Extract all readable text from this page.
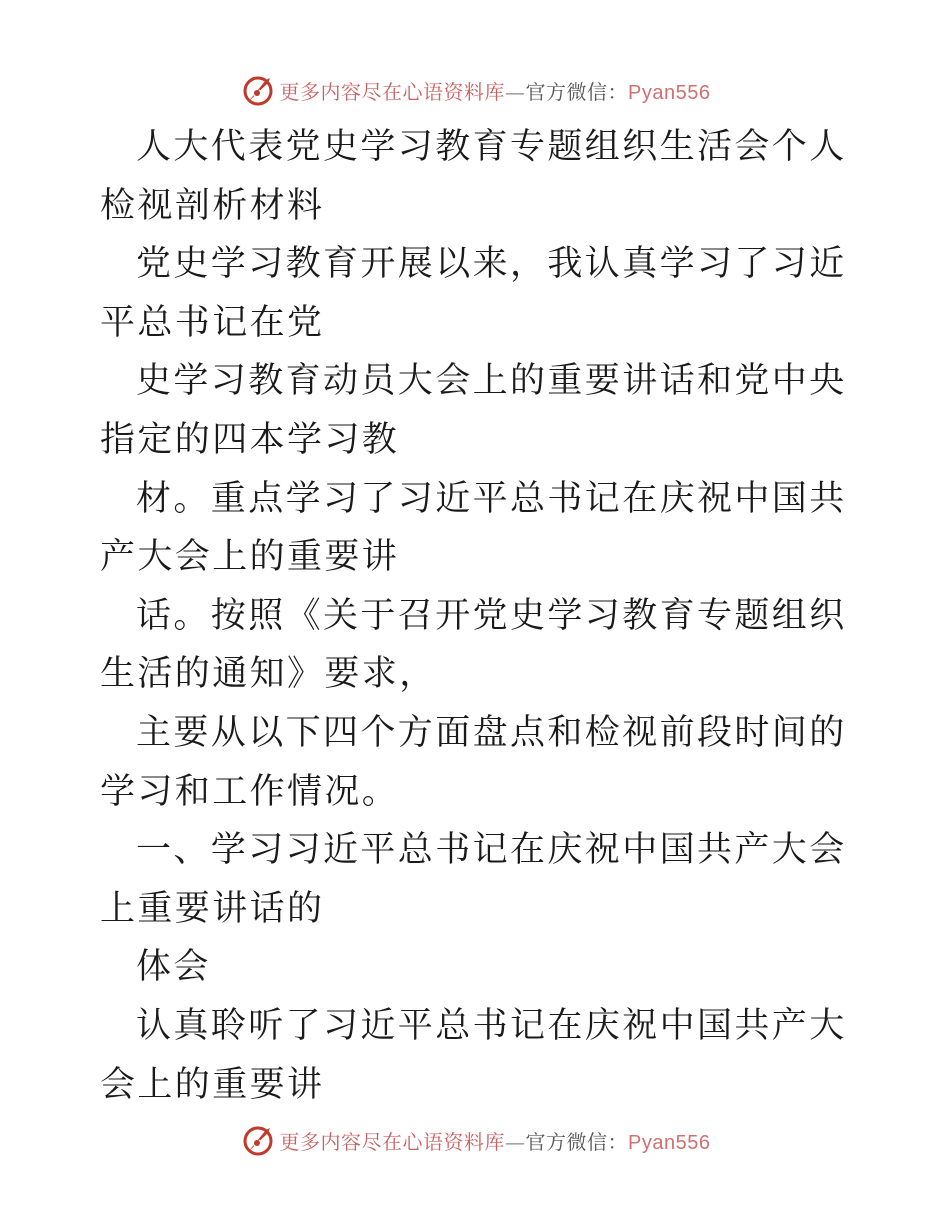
更多内容尽在心语资料库—官方微信：Pyan556

人大代表党史学习教育专题组织生活会个人检视剖析材料

党史学习教育开展以来，我认真学习了习近平总书记在党

史学习教育动员大会上的重要讲话和党中央指定的四本学习教

材。重点学习了习近平总书记在庆祝中国共产大会上的重要讲

话。按照《关于召开党史学习教育专题组织生活的通知》要求，

主要从以下四个方面盘点和检视前段时间的学习和工作情况。

一、学习习近平总书记在庆祝中国共产大会上重要讲话的

体会

认真聆听了习近平总书记在庆祝中国共产大会上的重要讲

更多内容尽在心语资料库—官方微信：Pyan556
